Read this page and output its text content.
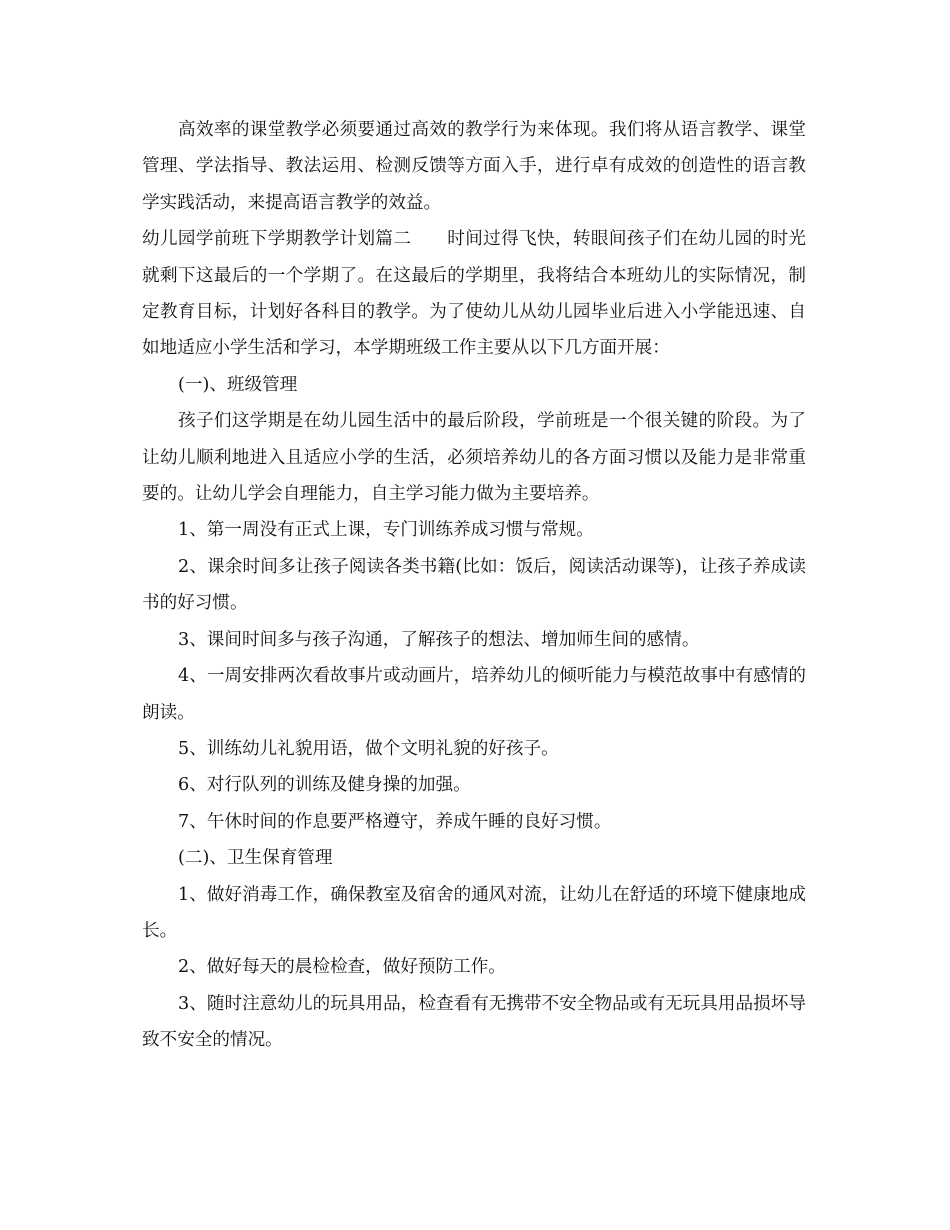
高效率的课堂教学必须要通过高效的教学行为来体现。我们将从语言教学、课堂管理、学法指导、教法运用、检测反馈等方面入手，进行卓有成效的创造性的语言教学实践活动，来提高语言教学的效益。

幼儿园学前班下学期教学计划篇二　　时间过得飞快，转眼间孩子们在幼儿园的时光就剩下这最后的一个学期了。在这最后的学期里，我将结合本班幼儿的实际情况，制定教育目标，计划好各科目的教学。为了使幼儿从幼儿园毕业后进入小学能迅速、自如地适应小学生活和学习，本学期班级工作主要从以下几方面开展：

(一)、班级管理

孩子们这学期是在幼儿园生活中的最后阶段，学前班是一个很关键的阶段。为了让幼儿顺利地进入且适应小学的生活，必须培养幼儿的各方面习惯以及能力是非常重要的。让幼儿学会自理能力，自主学习能力做为主要培养。

1、第一周没有正式上课，专门训练养成习惯与常规。

2、课余时间多让孩子阅读各类书籍(比如：饭后，阅读活动课等)，让孩子养成读书的好习惯。

3、课间时间多与孩子沟通，了解孩子的想法、增加师生间的感情。

4、一周安排两次看故事片或动画片，培养幼儿的倾听能力与模范故事中有感情的朗读。

5、训练幼儿礼貌用语，做个文明礼貌的好孩子。

6、对行队列的训练及健身操的加强。

7、午休时间的作息要严格遵守，养成午睡的良好习惯。

(二)、卫生保育管理

1、做好消毒工作，确保教室及宿舍的通风对流，让幼儿在舒适的环境下健康地成长。

2、做好每天的晨检检查，做好预防工作。

3、随时注意幼儿的玩具用品，检查看有无携带不安全物品或有无玩具用品损坏导致不安全的情况。
